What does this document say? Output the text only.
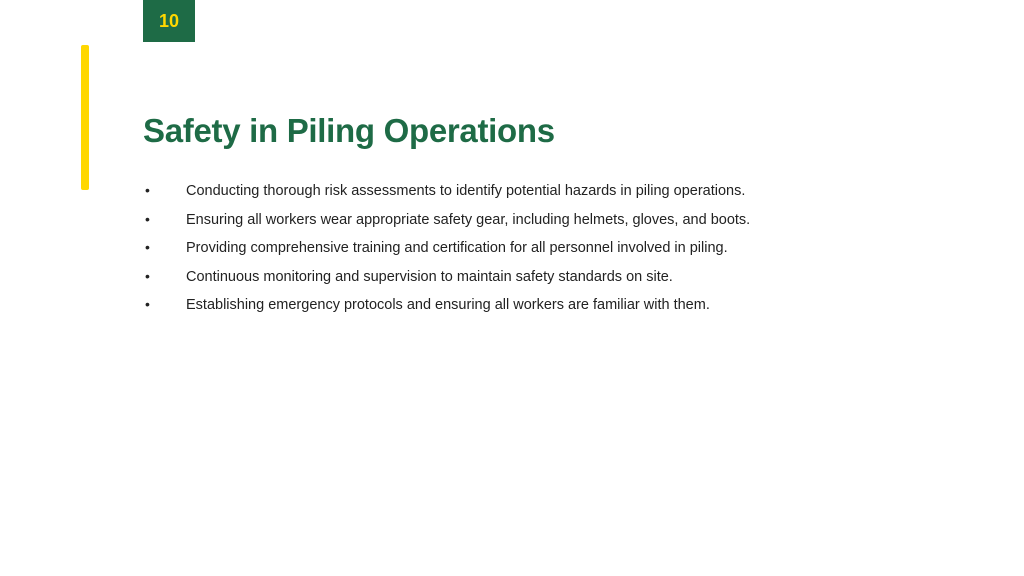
10
Safety in Piling Operations
•	Conducting thorough risk assessments to identify potential hazards in piling operations.
•	Ensuring all workers wear appropriate safety gear, including helmets, gloves, and boots.
•	Providing comprehensive training and certification for all personnel involved in piling.
•	Continuous monitoring and supervision to maintain safety standards on site.
•	Establishing emergency protocols and ensuring all workers are familiar with them.
